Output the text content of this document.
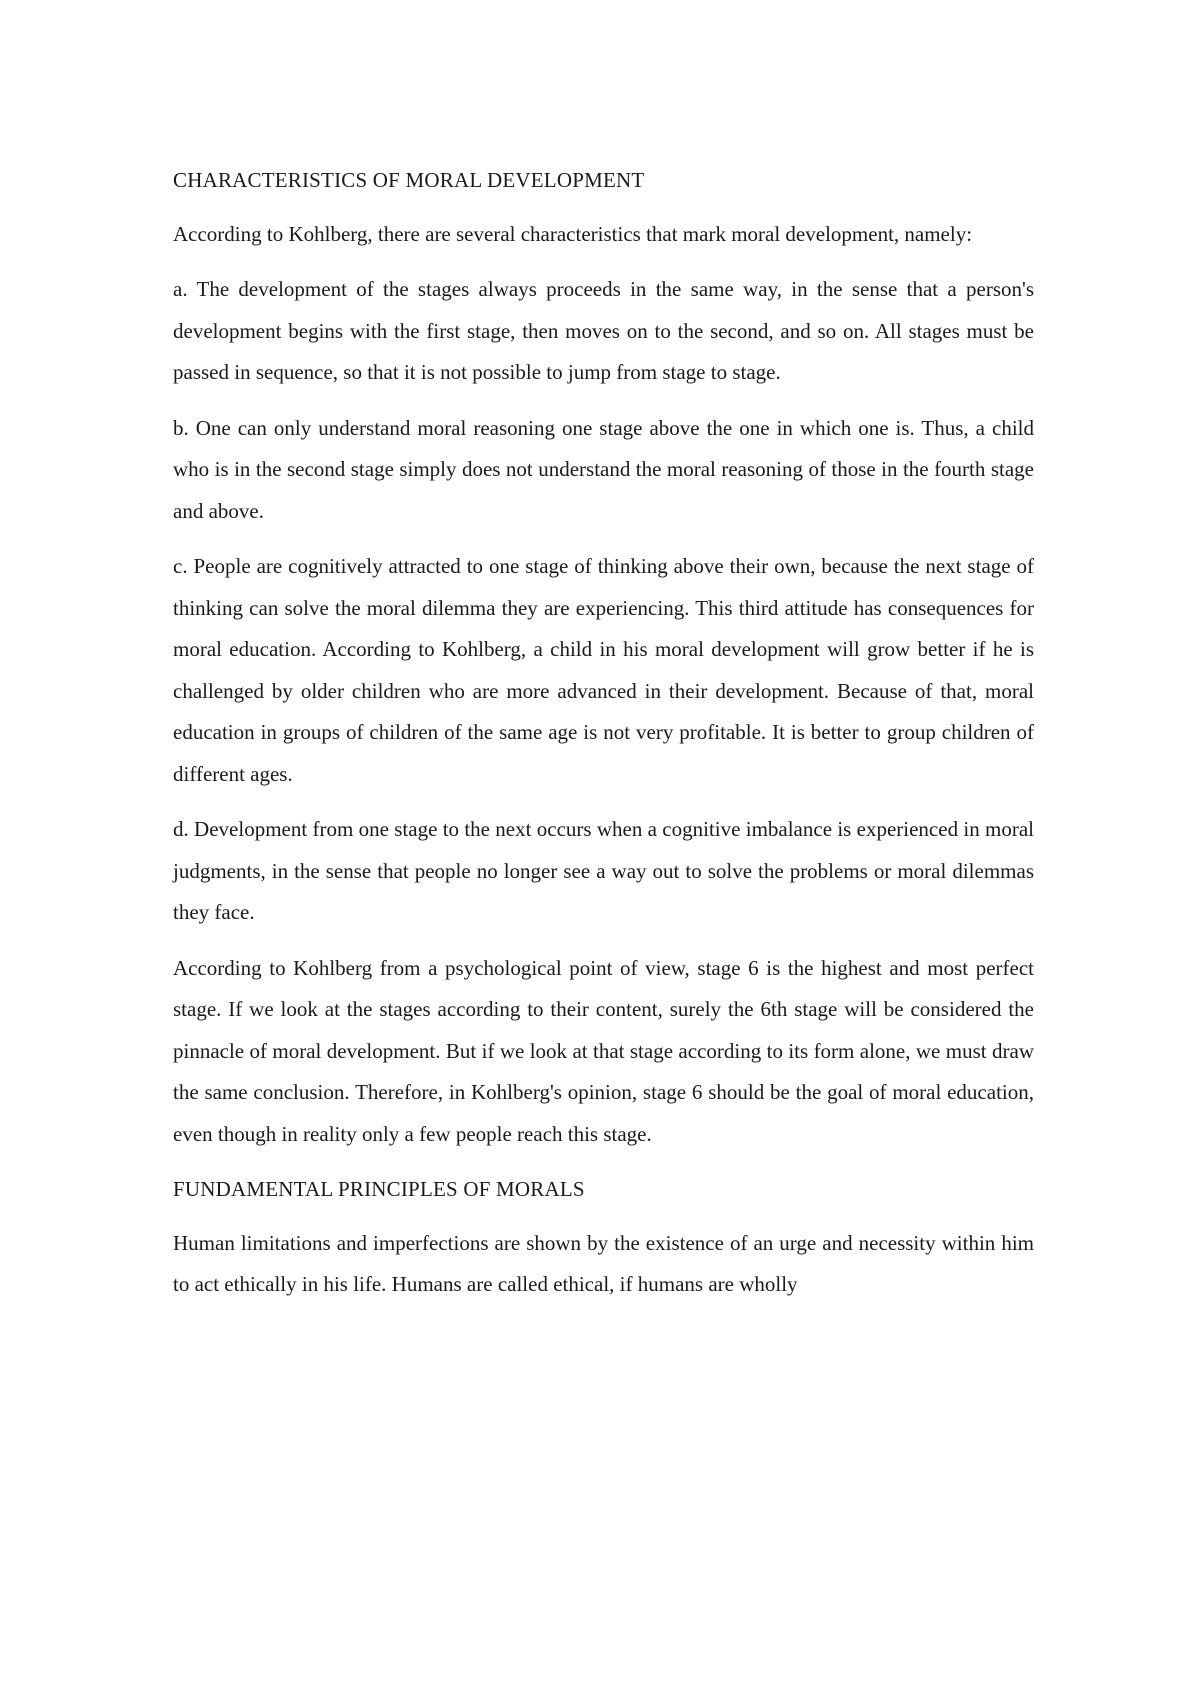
CHARACTERISTICS OF MORAL DEVELOPMENT

According to Kohlberg, there are several characteristics that mark moral development, namely:

a. The development of the stages always proceeds in the same way, in the sense that a person's development begins with the first stage, then moves on to the second, and so on. All stages must be passed in sequence, so that it is not possible to jump from stage to stage.

b. One can only understand moral reasoning one stage above the one in which one is. Thus, a child who is in the second stage simply does not understand the moral reasoning of those in the fourth stage and above.

c. People are cognitively attracted to one stage of thinking above their own, because the next stage of thinking can solve the moral dilemma they are experiencing. This third attitude has consequences for moral education. According to Kohlberg, a child in his moral development will grow better if he is challenged by older children who are more advanced in their development. Because of that, moral education in groups of children of the same age is not very profitable. It is better to group children of different ages.

d. Development from one stage to the next occurs when a cognitive imbalance is experienced in moral judgments, in the sense that people no longer see a way out to solve the problems or moral dilemmas they face.

According to Kohlberg from a psychological point of view, stage 6 is the highest and most perfect stage. If we look at the stages according to their content, surely the 6th stage will be considered the pinnacle of moral development. But if we look at that stage according to its form alone, we must draw the same conclusion. Therefore, in Kohlberg's opinion, stage 6 should be the goal of moral education, even though in reality only a few people reach this stage.

FUNDAMENTAL PRINCIPLES OF MORALS

Human limitations and imperfections are shown by the existence of an urge and necessity within him to act ethically in his life. Humans are called ethical, if humans are wholly
